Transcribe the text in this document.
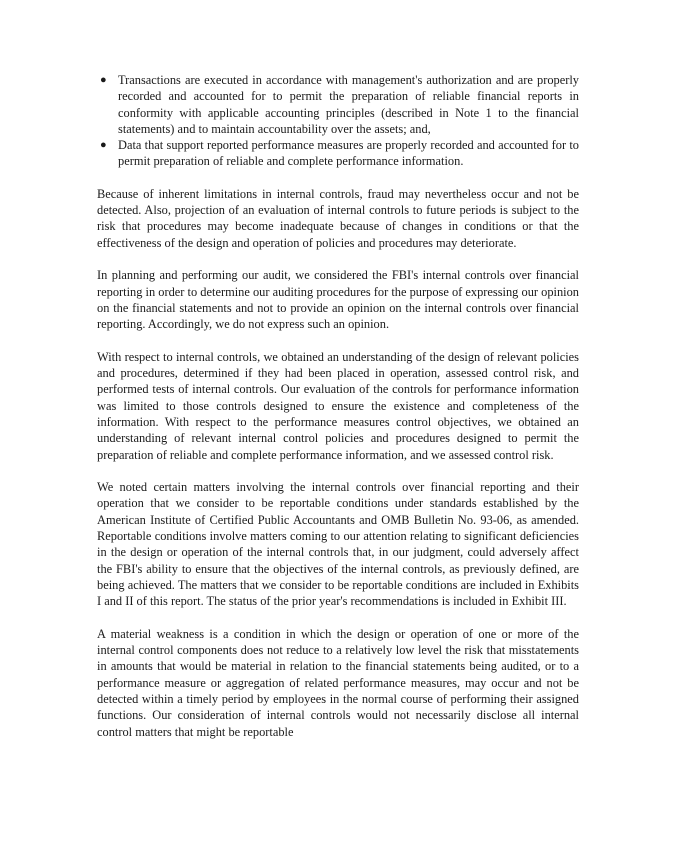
● Transactions are executed in accordance with management's authorization and are properly recorded and accounted for to permit the preparation of reliable financial reports in conformity with applicable accounting principles (described in Note 1 to the financial statements) and to maintain accountability over the assets; and,
● Data that support reported performance measures are properly recorded and accounted for to permit preparation of reliable and complete performance information.

Because of inherent limitations in internal controls, fraud may nevertheless occur and not be detected. Also, projection of an evaluation of internal controls to future periods is subject to the risk that procedures may become inadequate because of changes in conditions or that the effectiveness of the design and operation of policies and procedures may deteriorate.

In planning and performing our audit, we considered the FBI's internal controls over financial reporting in order to determine our auditing procedures for the purpose of expressing our opinion on the financial statements and not to provide an opinion on the internal controls over financial reporting. Accordingly, we do not express such an opinion.

With respect to internal controls, we obtained an understanding of the design of relevant policies and procedures, determined if they had been placed in operation, assessed control risk, and performed tests of internal controls. Our evaluation of the controls for performance information was limited to those controls designed to ensure the existence and completeness of the information. With respect to the performance measures control objectives, we obtained an understanding of relevant internal control policies and procedures designed to permit the preparation of reliable and complete performance information, and we assessed control risk.

We noted certain matters involving the internal controls over financial reporting and their operation that we consider to be reportable conditions under standards established by the American Institute of Certified Public Accountants and OMB Bulletin No. 93-06, as amended. Reportable conditions involve matters coming to our attention relating to significant deficiencies in the design or operation of the internal controls that, in our judgment, could adversely affect the FBI's ability to ensure that the objectives of the internal controls, as previously defined, are being achieved. The matters that we consider to be reportable conditions are included in Exhibits I and II of this report. The status of the prior year's recommendations is included in Exhibit III.

A material weakness is a condition in which the design or operation of one or more of the internal control components does not reduce to a relatively low level the risk that misstatements in amounts that would be material in relation to the financial statements being audited, or to a performance measure or aggregation of related performance measures, may occur and not be detected within a timely period by employees in the normal course of performing their assigned functions. Our consideration of internal controls would not necessarily disclose all internal control matters that might be reportable
